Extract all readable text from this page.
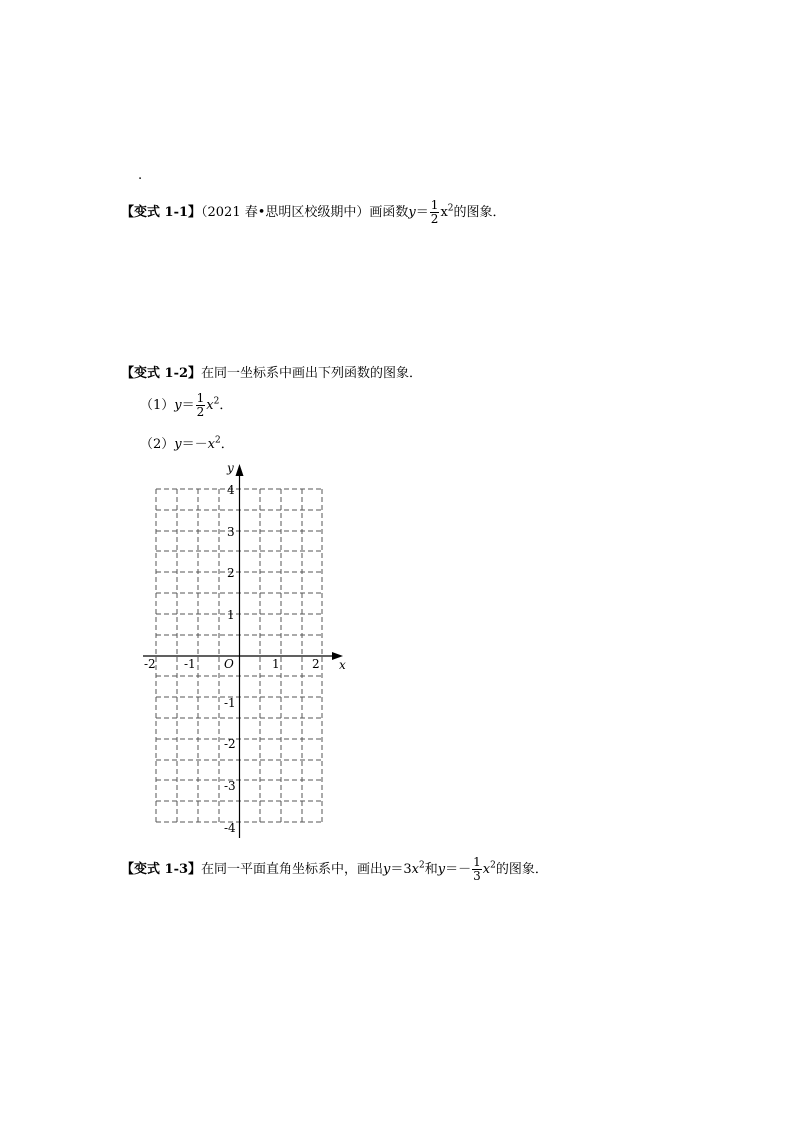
.
【变式 1-1】（2021 春•思明区校级期中）画函数$y= \frac{1}{2} x^2$的图象．
【变式 1-2】在同一坐标系中画出下列函数的图象．
$(1)y= \frac{1}{2} x^2$．
$(2)y=-x^2$．
y
x
O
-2 -1	1	2
4
3
2
1
-1
-2
-3
-4
【变式 1-3】在同一平面直角坐标系中，画出$y=3x^2$和$y=- \frac{1}{3} x^2$的图象．
